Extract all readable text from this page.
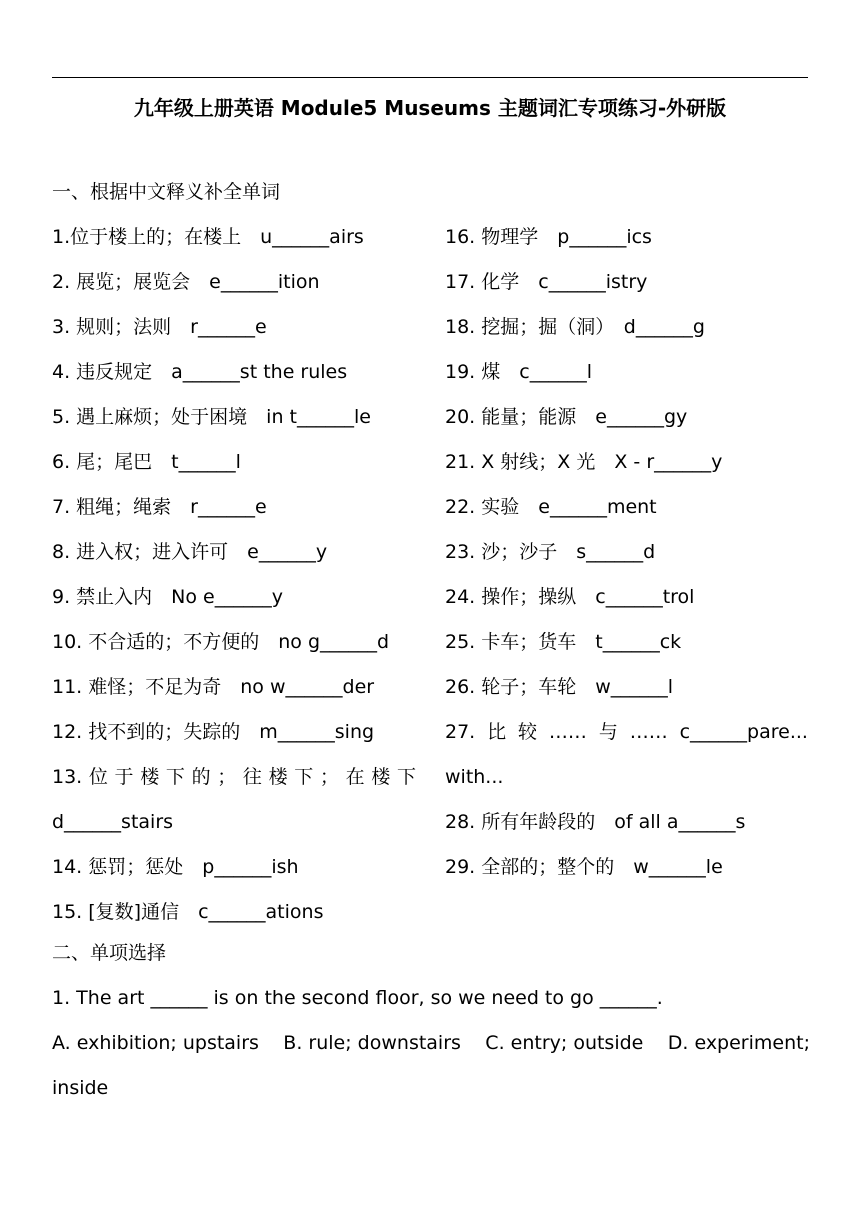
九年级上册英语 Module5 Museums 主题词汇专项练习-外研版
一、根据中文释义补全单词
1.位于楼上的；在楼上　u______airs
2. 展览；展览会　e______ition
3. 规则；法则　r______e
4. 违反规定　a______st the rules
5. 遇上麻烦；处于困境　in t______le
6. 尾；尾巴　t______l
7. 粗绳；绳索　r______e
8. 进入权；进入许可　e______y
9. 禁止入内　No e______y
10. 不合适的；不方便的　no g______d
11. 难怪；不足为奇　no w______der
12. 找不到的；失踪的　m______sing
13. 位 于 楼 下 的 ； 往 楼 下 ； 在 楼 下
d______stairs
14. 惩罚；惩处　p______ish
15. [复数]通信　c______ations
16. 物理学　p______ics
17. 化学　c______istry
18. 挖掘；掘（洞）　d______g
19. 煤　c______l
20. 能量；能源　e______gy
21. X 射线；X 光　X - r______y
22. 实验　e______ment
23. 沙；沙子　s______d
24. 操作；操纵　c______trol
25. 卡车；货车　t______ck
26. 轮子；车轮　w______l
27. 比 较 …… 与 …… c______pare...
with...
28. 所有年龄段的　of all a______s
29. 全部的；整个的　w______le
二、单项选择
1. The art ______ is on the second floor, so we need to go ______.
A. exhibition; upstairs B. rule; downstairs C. entry; outside D. experiment;
inside
